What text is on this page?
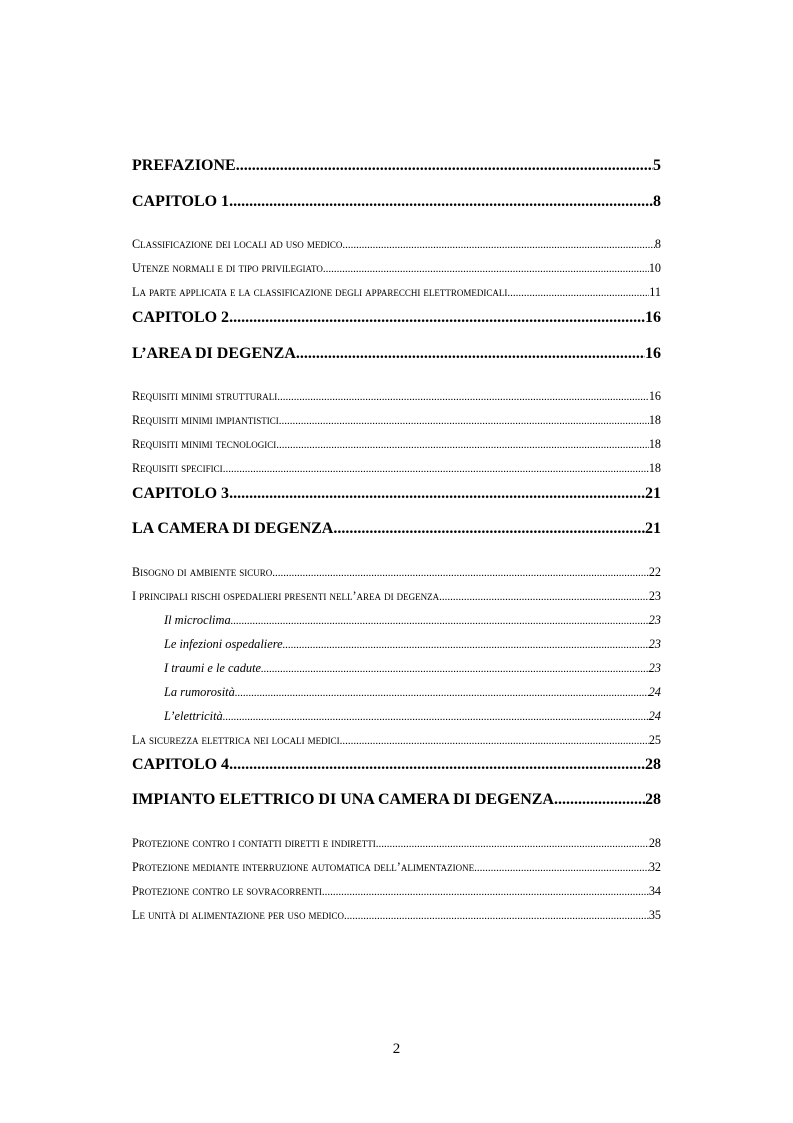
PREFAZIONE .....	5
CAPITOLO 1 .....	8
Classificazione dei locali ad uso medico .....	8
Utenze normali e di tipo privilegiato .....	10
La parte applicata e la classificazione degli apparecchi elettromedicali .....	11
CAPITOLO 2 .....	16
L’AREA DI DEGENZA .....	16
Requisiti minimi strutturali .....	16
Requisiti minimi impiantistici .....	18
Requisiti minimi tecnologici .....	18
Requisiti specifici .....	18
CAPITOLO 3 .....	21
LA CAMERA DI DEGENZA .....	21
Bisogno di ambiente sicuro .....	22
I principali rischi ospedalieri presenti nell’area di degenza .....	23
Il microclima .....	23
Le infezioni ospedaliere .....	23
I traumi e le cadute .....	23
La rumorosità .....	24
L’elettricità .....	24
La sicurezza elettrica nei locali medici .....	25
CAPITOLO 4 .....	28
IMPIANTO ELETTRICO DI UNA CAMERA DI DEGENZA .....	28
Protezione contro i contatti diretti e indiretti .....	28
Protezione mediante interruzione automatica dell’alimentazione .....	32
Protezione contro le sovracorrenti .....	34
Le unità di alimentazione per uso medico .....	35
2
